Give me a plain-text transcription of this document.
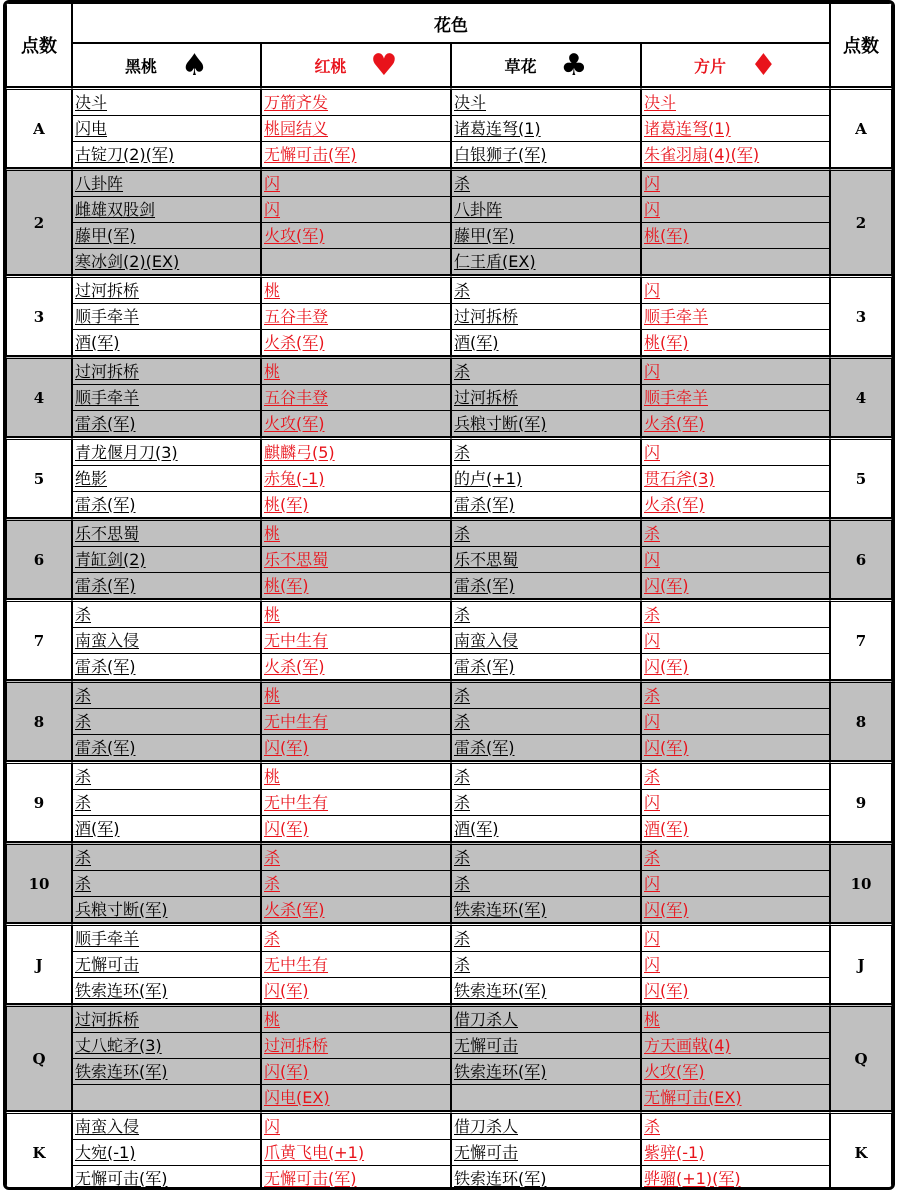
点数	花色				点数
	黑桃 ♠	红桃 ♥	草花 ♣	方片 ♦	
A	决斗	万箭齐发	决斗	决斗	A
	闪电	桃园结义	诸葛连弩(1)	诸葛连弩(1)	
	古锭刀(2)(军)	无懈可击(军)	白银狮子(军)	朱雀羽扇(4)(军)	
2	八卦阵	闪	杀	闪	2
	雌雄双股剑	闪	八卦阵	闪	
	藤甲(军)	火攻(军)	藤甲(军)	桃(军)	
	寒冰剑(2)(EX)		仁王盾(EX)		
3	过河拆桥	桃	杀	闪	3
	顺手牵羊	五谷丰登	过河拆桥	顺手牵羊	
	酒(军)	火杀(军)	酒(军)	桃(军)	
4	过河拆桥	桃	杀	闪	4
	顺手牵羊	五谷丰登	过河拆桥	顺手牵羊	
	雷杀(军)	火攻(军)	兵粮寸断(军)	火杀(军)	
5	青龙偃月刀(3)	麒麟弓(5)	杀	闪	5
	绝影	赤兔(-1)	的卢(+1)	贯石斧(3)	
	雷杀(军)	桃(军)	雷杀(军)	火杀(军)	
6	乐不思蜀	桃	杀	杀	6
	青缸剑(2)	乐不思蜀	乐不思蜀	闪	
	雷杀(军)	桃(军)	雷杀(军)	闪(军)	
7	杀	桃	杀	杀	7
	南蛮入侵	无中生有	南蛮入侵	闪	
	雷杀(军)	火杀(军)	雷杀(军)	闪(军)	
8	杀	桃	杀	杀	8
	杀	无中生有	杀	闪	
	雷杀(军)	闪(军)	雷杀(军)	闪(军)	
9	杀	桃	杀	杀	9
	杀	无中生有	杀	闪	
	酒(军)	闪(军)	酒(军)	酒(军)	
10	杀	杀	杀	杀	10
	杀	杀	杀	闪	
	兵粮寸断(军)	火杀(军)	铁索连环(军)	闪(军)	
J	顺手牵羊	杀	杀	闪	J
	无懈可击	无中生有	杀	闪	
	铁索连环(军)	闪(军)	铁索连环(军)	闪(军)	
Q	过河拆桥	桃	借刀杀人	桃	Q
	丈八蛇矛(3)	过河拆桥	无懈可击	方天画戟(4)	
	铁索连环(军)	闪(军)	铁索连环(军)	火攻(军)	
		闪电(EX)		无懈可击(EX)	
K	南蛮入侵	闪	借刀杀人	杀	K
	大宛(-1)	爪黄飞电(+1)	无懈可击	紫骍(-1)	
	无懈可击(军)	无懈可击(军)	铁索连环(军)	骅骝(+1)(军)	
